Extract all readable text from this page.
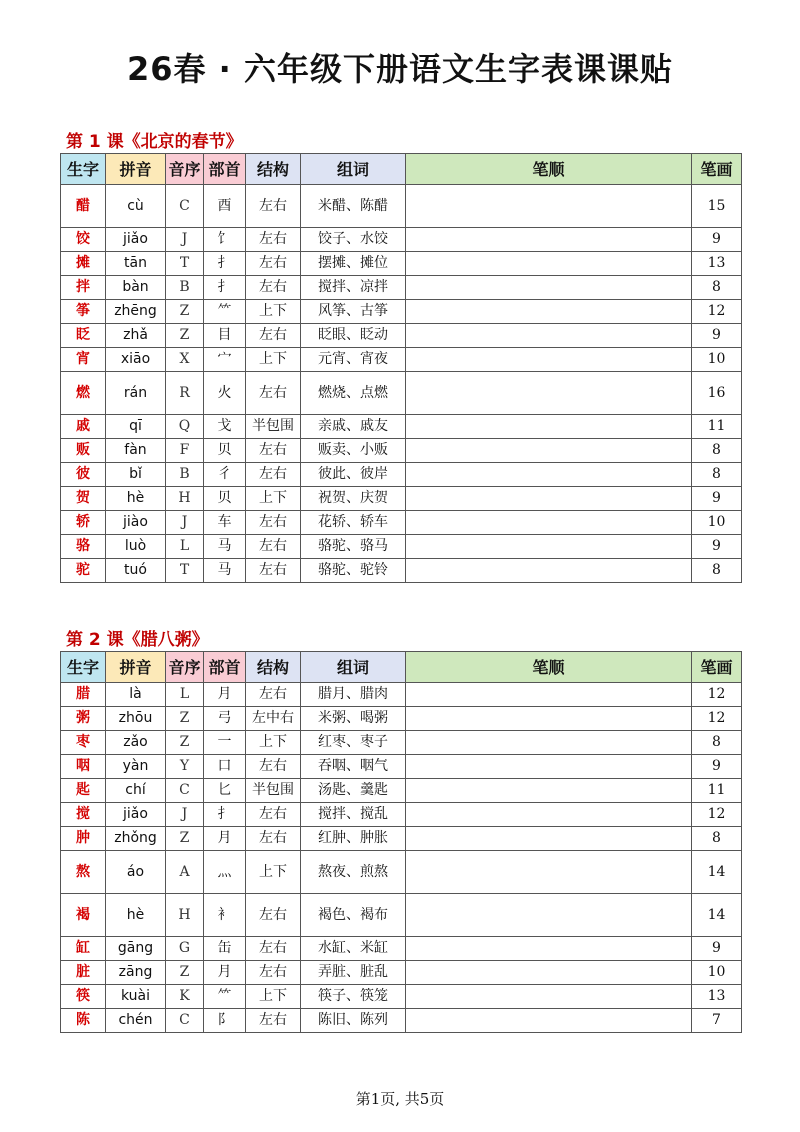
26春 · 六年级下册语文生字表课课贴
第 1 课《北京的春节》
生字	拼音	音序	部首	结构	组词	笔顺	笔画
醋	cù	C	酉	左右	米醋、陈醋		15
饺	jiǎo	J	饣	左右	饺子、水饺		9
摊	tān	T	扌	左右	摆摊、摊位		13
拌	bàn	B	扌	左右	搅拌、凉拌		8
筝	zhēng	Z	⺮	上下	风筝、古筝		12
眨	zhǎ	Z	目	左右	眨眼、眨动		9
宵	xiāo	X	宀	上下	元宵、宵夜		10
燃	rán	R	火	左右	燃烧、点燃		16
戚	qī	Q	戈	半包围	亲戚、戚友		11
贩	fàn	F	贝	左右	贩卖、小贩		8
彼	bǐ	B	彳	左右	彼此、彼岸		8
贺	hè	H	贝	上下	祝贺、庆贺		9
轿	jiào	J	车	左右	花轿、轿车		10
骆	luò	L	马	左右	骆驼、骆马		9
驼	tuó	T	马	左右	骆驼、驼铃		8
第 2 课《腊八粥》
生字	拼音	音序	部首	结构	组词	笔顺	笔画
腊	là	L	月	左右	腊月、腊肉		12
粥	zhōu	Z	弓	左中右	米粥、喝粥		12
枣	zǎo	Z	一	上下	红枣、枣子		8
咽	yàn	Y	口	左右	吞咽、咽气		9
匙	chí	C	匕	半包围	汤匙、羹匙		11
搅	jiǎo	J	扌	左右	搅拌、搅乱		12
肿	zhǒng	Z	月	左右	红肿、肿胀		8
熬	áo	A	灬	上下	熬夜、煎熬		14
褐	hè	H	衤	左右	褐色、褐布		14
缸	gāng	G	缶	左右	水缸、米缸		9
脏	zāng	Z	月	左右	弄脏、脏乱		10
筷	kuài	K	⺮	上下	筷子、筷笼		13
陈	chén	C	阝	左右	陈旧、陈列		7
第1页, 共5页
